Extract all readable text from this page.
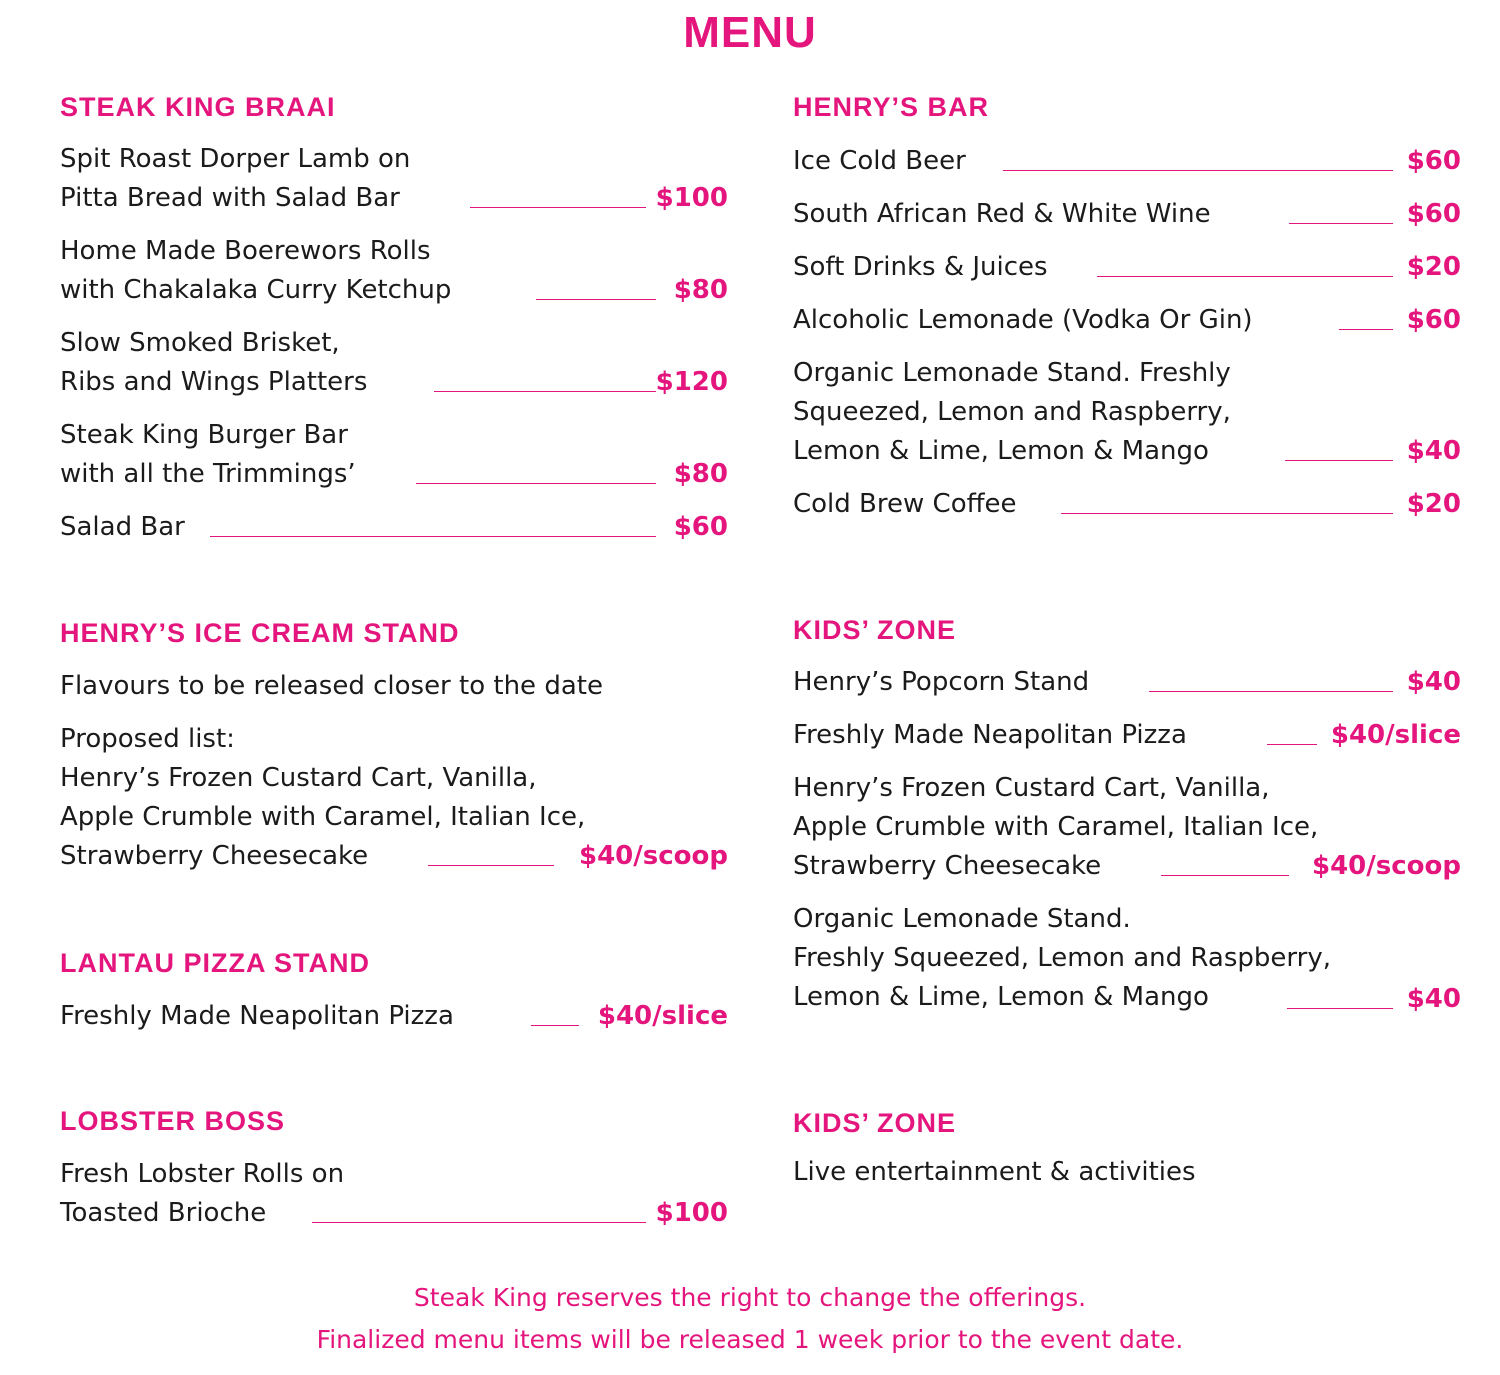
MENU
STEAK KING BRAAI
Spit Roast Dorper Lamb on
Pitta Bread with Salad Bar	$100
Home Made Boerewors Rolls
with Chakalaka Curry Ketchup	$80
Slow Smoked Brisket,
Ribs and Wings Platters	$120
Steak King Burger Bar
with all the Trimmings’	$80
Salad Bar	$60
HENRY’S ICE CREAM STAND
Flavours to be released closer to the date
Proposed list:
Henry’s Frozen Custard Cart, Vanilla,
Apple Crumble with Caramel, Italian Ice,
Strawberry Cheesecake	$40/scoop
LANTAU PIZZA STAND
Freshly Made Neapolitan Pizza	$40/slice
LOBSTER BOSS
Fresh Lobster Rolls on
Toasted Brioche	$100
HENRY’S BAR
Ice Cold Beer	$60
South African Red & White Wine	$60
Soft Drinks & Juices	$20
Alcoholic Lemonade (Vodka Or Gin)	$60
Organic Lemonade Stand. Freshly
Squeezed, Lemon and Raspberry,
Lemon & Lime, Lemon & Mango	$40
Cold Brew Coffee	$20
KIDS’ ZONE
Henry’s Popcorn Stand	$40
Freshly Made Neapolitan Pizza	$40/slice
Henry’s Frozen Custard Cart, Vanilla,
Apple Crumble with Caramel, Italian Ice,
Strawberry Cheesecake	$40/scoop
Organic Lemonade Stand.
Freshly Squeezed, Lemon and Raspberry,
Lemon & Lime, Lemon & Mango	$40
KIDS’ ZONE
Live entertainment & activities
Steak King reserves the right to change the offerings.
Finalized menu items will be released 1 week prior to the event date.
